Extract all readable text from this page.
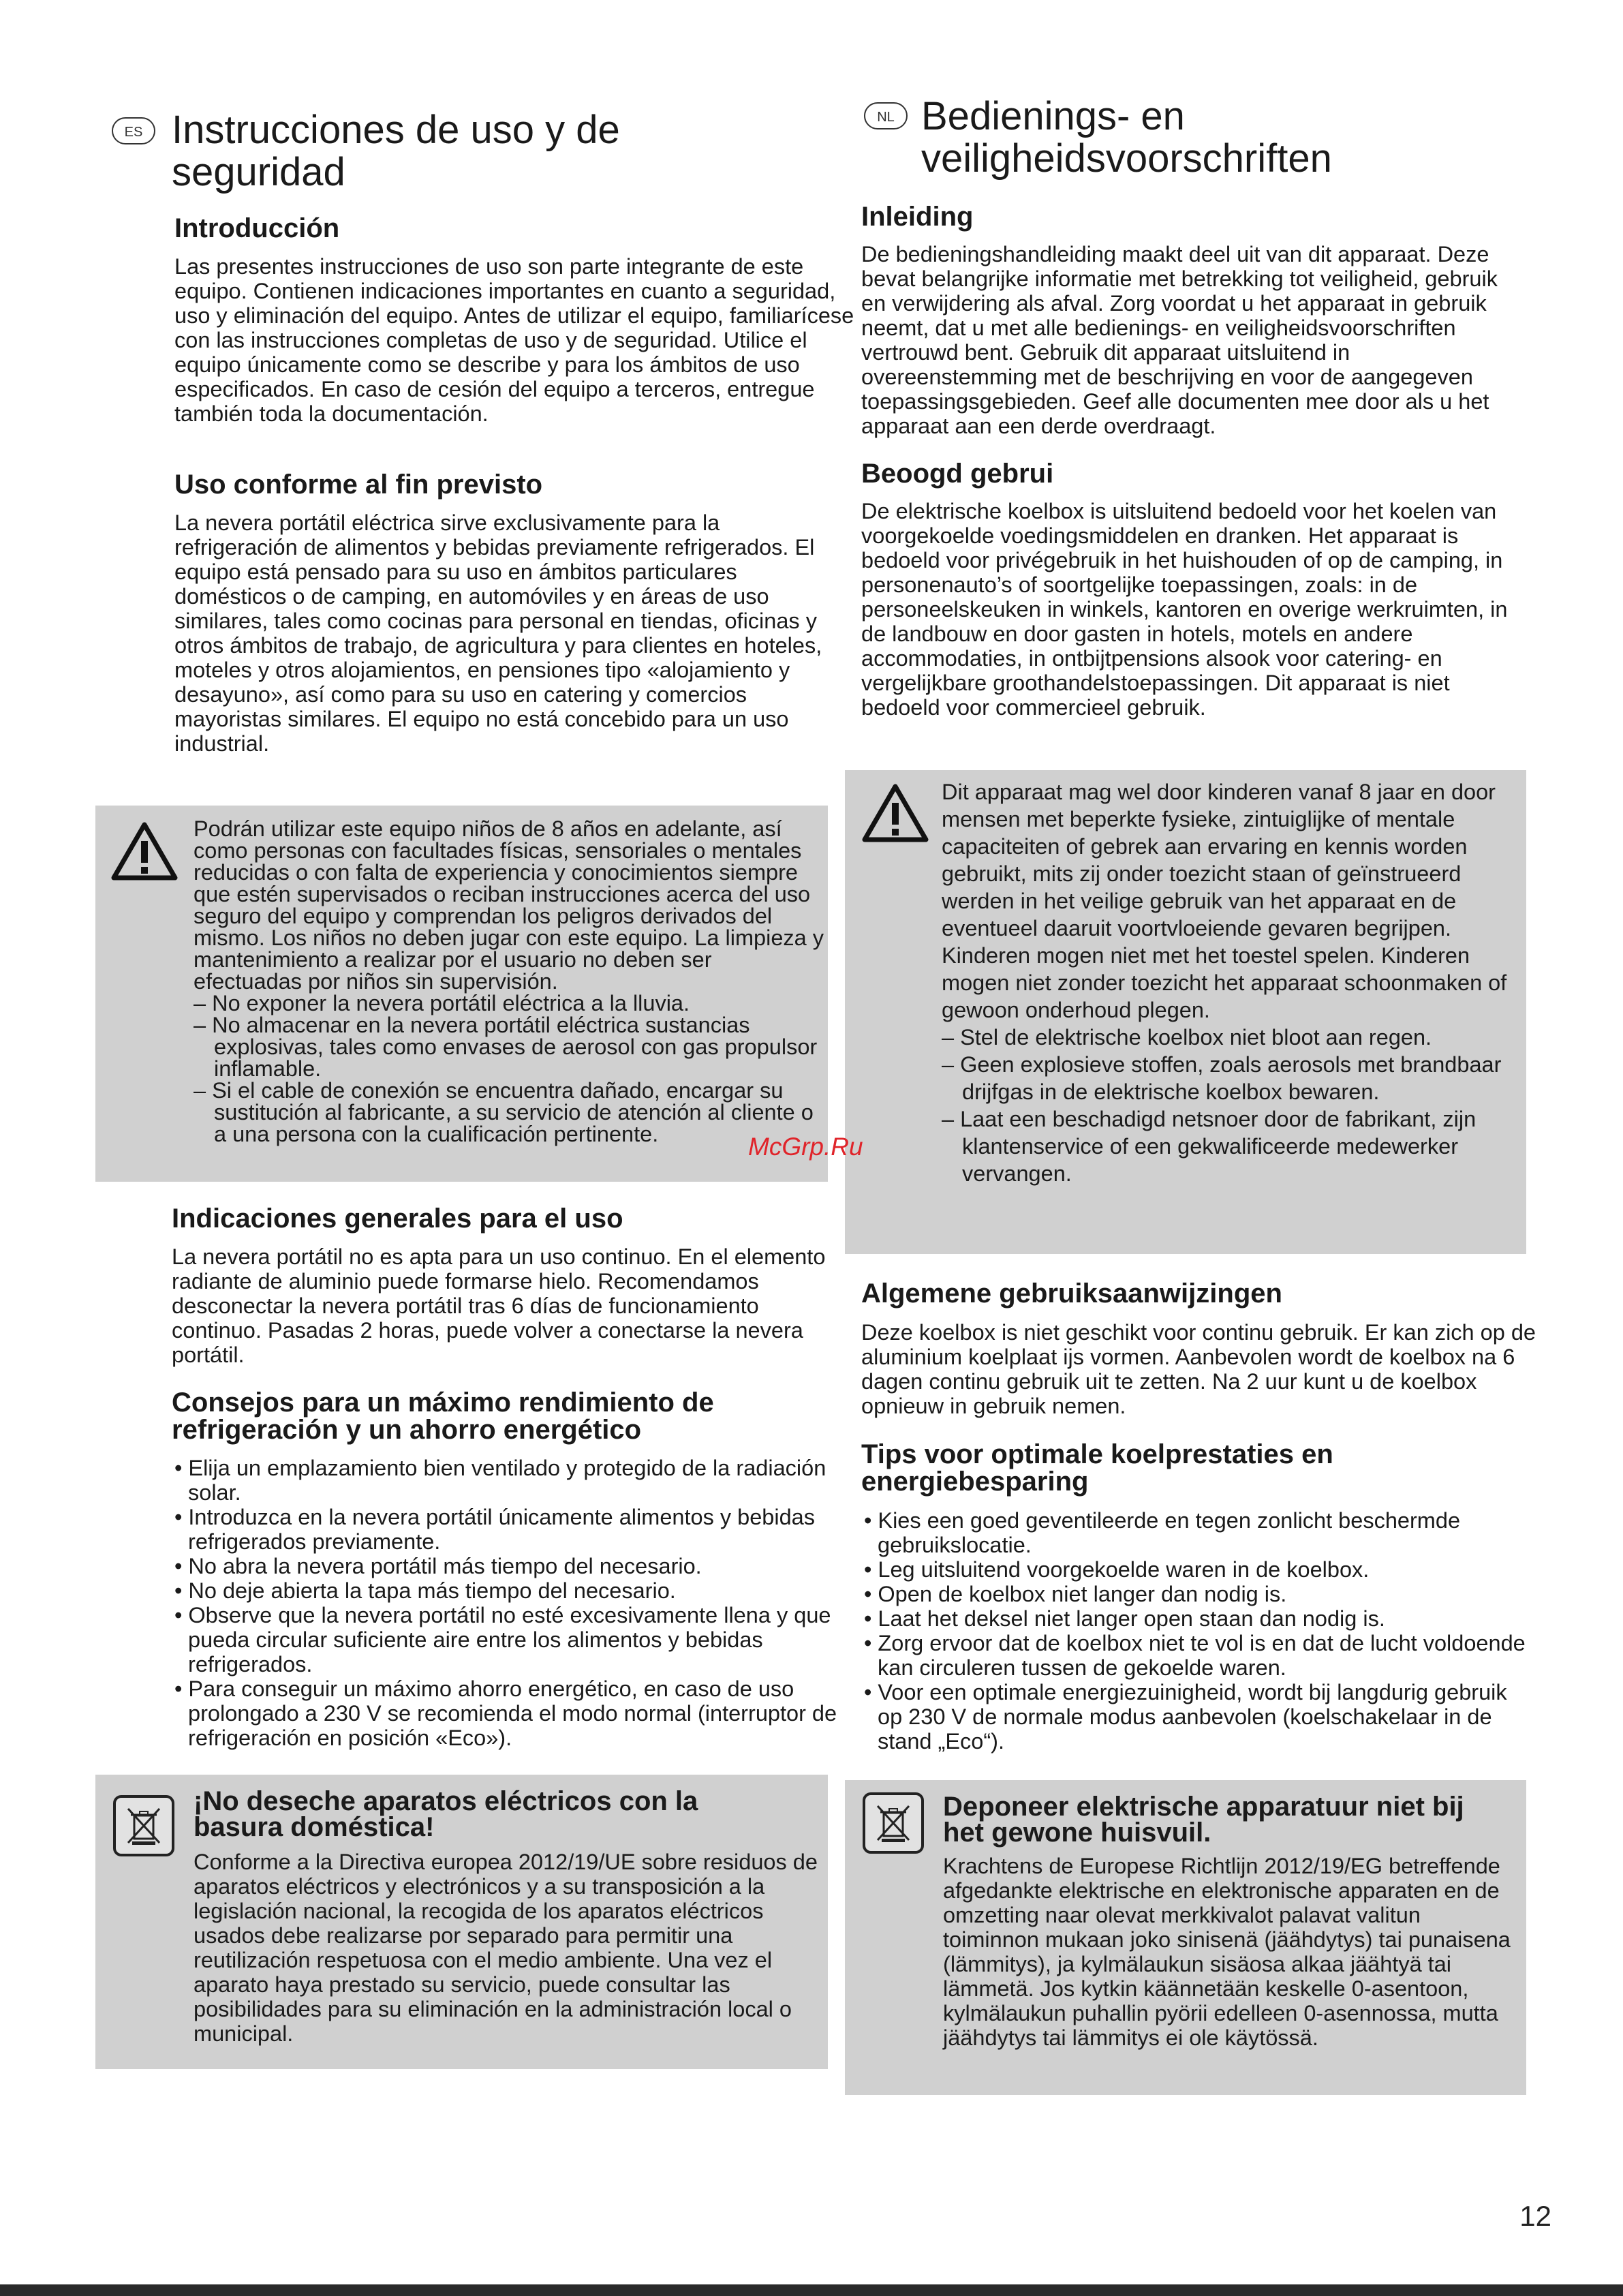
ES Instrucciones de uso y de
seguridad
Introducción

Las presentes instrucciones de uso son parte integrante de este equipo. Contienen indicaciones importantes en cuanto a seguridad, uso y eliminación del equipo. Antes de utilizar el equipo, familiarícese con las instrucciones completas de uso y de seguridad. Utilice el equipo únicamente como se describe y para los ámbitos de uso especificados. En caso de cesión del equipo a terceros, entregue también toda la documentación.

Uso conforme al fin previsto

La nevera portátil eléctrica sirve exclusivamente para la refrigeración de alimentos y bebidas previamente refrigerados. El equipo está pensado para su uso en ámbitos particulares domésticos o de camping, en automóviles y en áreas de uso similares, tales como cocinas para personal en tiendas, oficinas y otros ámbitos de trabajo, de agricultura y para clientes en hoteles, moteles y otros alojamientos, en pensiones tipo «alojamiento y desayuno», así como para su uso en catering y comercios mayoristas similares. El equipo no está concebido para un uso industrial.

Podrán utilizar este equipo niños de 8 años en adelante, así como personas con facultades físicas, sensoriales o mentales reducidas o con falta de experiencia y conocimientos siempre que estén supervisados o reciban instrucciones acerca del uso seguro del equipo y comprendan los peligros derivados del mismo. Los niños no deben jugar con este equipo. La limpieza y mantenimiento a realizar por el usuario no deben ser efectuadas por niños sin supervisión.
– No exponer la nevera portátil eléctrica a la lluvia.
– No almacenar en la nevera portátil eléctrica sustancias explosivas, tales como envases de aerosol con gas propulsor inflamable.
– Si el cable de conexión se encuentra dañado, encargar su sustitución al fabricante, a su servicio de atención al cliente o a una persona con la cualificación pertinente.
Indicaciones generales para el uso

La nevera portátil no es apta para un uso continuo. En el elemento radiante de aluminio puede formarse hielo. Recomendamos desconectar la nevera portátil tras 6 días de funcionamiento continuo. Pasadas 2 horas, puede volver a conectarse la nevera portátil.

Consejos para un máximo rendimiento de
refrigeración y un ahorro energético
• Elija un emplazamiento bien ventilado y protegido de la radiación solar.
• Introduzca en la nevera portátil únicamente alimentos y bebidas refrigerados previamente.
• No abra la nevera portátil más tiempo del necesario.
• No deje abierta la tapa más tiempo del necesario.
• Observe que la nevera portátil no esté excesivamente llena y que pueda circular suficiente aire entre los alimentos y bebidas refrigerados.
• Para conseguir un máximo ahorro energético, en caso de uso prolongado a 230 V se recomienda el modo normal (interruptor de refrigeración en posición «Eco»).
¡No deseche aparatos eléctricos con la
basura doméstica!

Conforme a la Directiva europea 2012/19/UE sobre residuos de aparatos eléctricos y electrónicos y a su transposición a la legislación nacional, la recogida de los aparatos eléctricos usados debe realizarse por separado para permitir una reutilización respetuosa con el medio ambiente. Una vez el aparato haya prestado su servicio, puede consultar las posibilidades para su eliminación en la administración local o municipal.

NL Bedienings- en
veiligheidsvoorschriften
Inleiding

De bedieningshandleiding maakt deel uit van dit apparaat. Deze bevat belangrijke informatie met betrekking tot veiligheid, gebruik en verwijdering als afval. Zorg voordat u het apparaat in gebruik neemt, dat u met alle bedienings- en veiligheidsvoorschriften vertrouwd bent. Gebruik dit apparaat uitsluitend in overeenstemming met de beschrijving en voor de aangegeven toepassingsgebieden. Geef alle documenten mee door als u het apparaat aan een derde overdraagt.

Beoogd gebrui

De elektrische koelbox is uitsluitend bedoeld voor het koelen van voorgekoelde voedingsmiddelen en dranken. Het apparaat is bedoeld voor privégebruik in het huishouden of op de camping, in personenauto’s of soortgelijke toepassingen, zoals: in de personeelskeuken in winkels, kantoren en overige werkruimten, in de landbouw en door gasten in hotels, motels en andere accommodaties, in ontbijtpensions alsook voor catering- en vergelijkbare groothandelstoepassingen. Dit apparaat is niet bedoeld voor commercieel gebruik.

Dit apparaat mag wel door kinderen vanaf 8 jaar en door mensen met beperkte fysieke, zintuiglijke of mentale capaciteiten of gebrek aan ervaring en kennis worden gebruikt, mits zij onder toezicht staan of geïnstrueerd werden in het veilige gebruik van het apparaat en de eventueel daaruit voortvloeiende gevaren begrijpen. Kinderen mogen niet met het toestel spelen. Kinderen mogen niet zonder toezicht het apparaat schoonmaken of gewoon onderhoud plegen.
– Stel de elektrische koelbox niet bloot aan regen.
– Geen explosieve stoffen, zoals aerosols met brandbaar drijfgas in de elektrische koelbox bewaren.
– Laat een beschadigd netsnoer door de fabrikant, zijn klantenservice of een gekwalificeerde medewerker vervangen.
Algemene gebruiksaanwijzingen

Deze koelbox is niet geschikt voor continu gebruik. Er kan zich op de aluminium koelplaat ijs vormen. Aanbevolen wordt de koelbox na 6 dagen continu gebruik uit te zetten. Na 2 uur kunt u de koelbox opnieuw in gebruik nemen.

Tips voor optimale koelprestaties en
energiebesparing
• Kies een goed geventileerde en tegen zonlicht beschermde gebruikslocatie.
• Leg uitsluitend voorgekoelde waren in de koelbox.
• Open de koelbox niet langer dan nodig is.
• Laat het deksel niet langer open staan dan nodig is.
• Zorg ervoor dat de koelbox niet te vol is en dat de lucht voldoende kan circuleren tussen de gekoelde waren.
• Voor een optimale energiezuinigheid, wordt bij langdurig gebruik op 230 V de normale modus aanbevolen (koelschakelaar in de stand „Eco“).
Deponeer elektrische apparatuur niet bij
het gewone huisvuil.

Krachtens de Europese Richtlijn 2012/19/EG betreffende afgedankte elektrische en elektronische apparaten en de omzetting naar olevat merkkivalot palavat valitun toiminnon mukaan joko sinisenä (jäähdytys) tai punaisena (lämmitys), ja kylmälaukun sisäosa alkaa jäähtyä tai lämmetä. Jos kytkin käännetään keskelle 0-asentoon, kylmälaukun puhallin pyörii edelleen 0-asennossa, mutta jäähdytys tai lämmitys ei ole käytössä.

McGrp.Ru
12
